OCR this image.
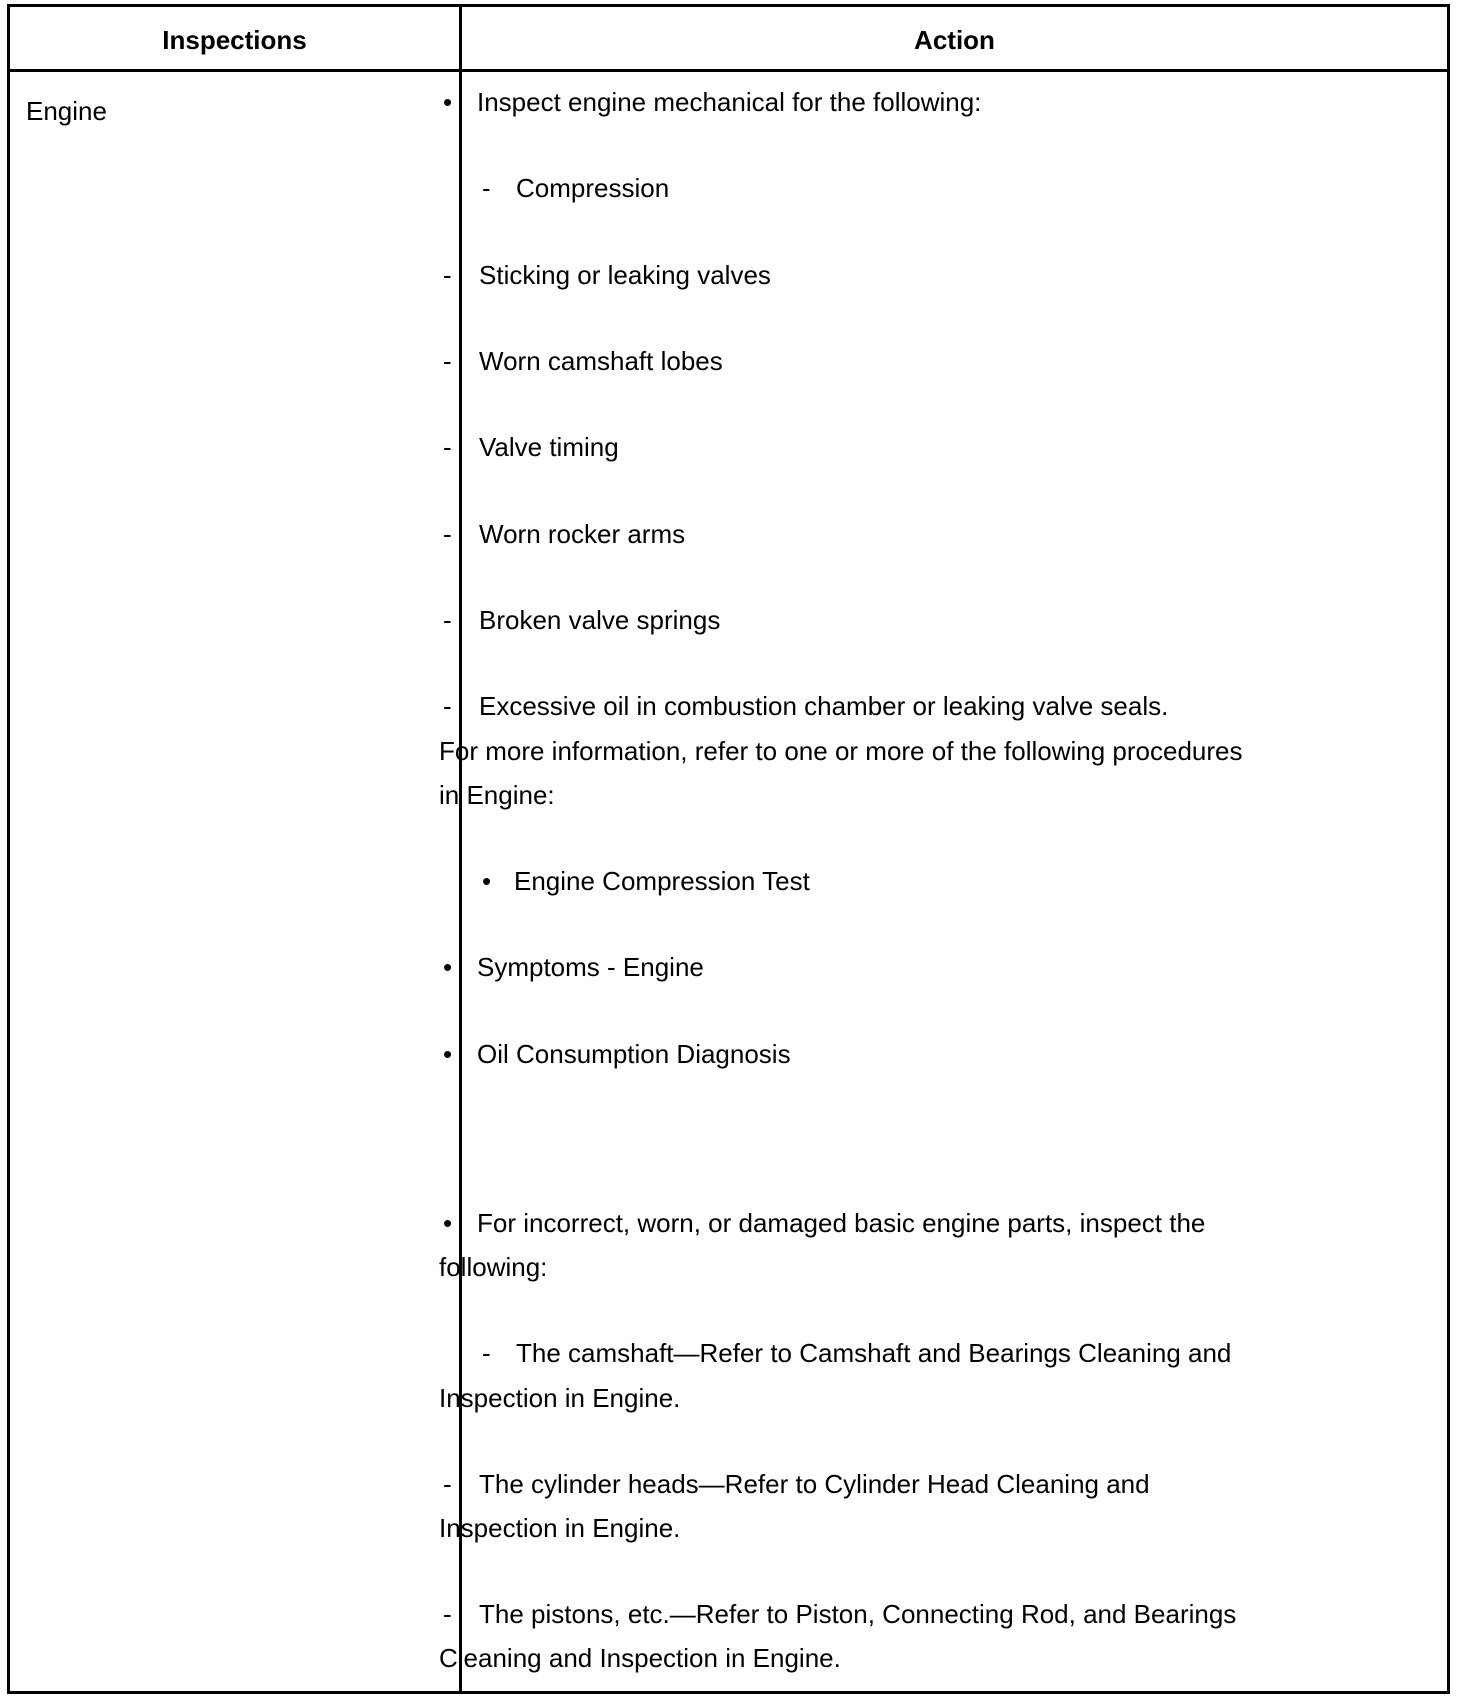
Inspections	Action
Engine	• Inspect engine mechanical for the following:
- Compression
- Sticking or leaking valves
- Worn camshaft lobes
- Valve timing
- Worn rocker arms
- Broken valve springs
- Excessive oil in combustion chamber or leaking valve seals.
For more information, refer to one or more of the following procedures
in Engine:
• Engine Compression Test
• Symptoms - Engine
• Oil Consumption Diagnosis
• For incorrect, worn, or damaged basic engine parts, inspect the
following:
- The camshaft—Refer to Camshaft and Bearings Cleaning and
Inspection in Engine.
- The cylinder heads—Refer to Cylinder Head Cleaning and
Inspection in Engine.
- The pistons, etc.—Refer to Piston, Connecting Rod, and Bearings
Cleaning and Inspection in Engine.
